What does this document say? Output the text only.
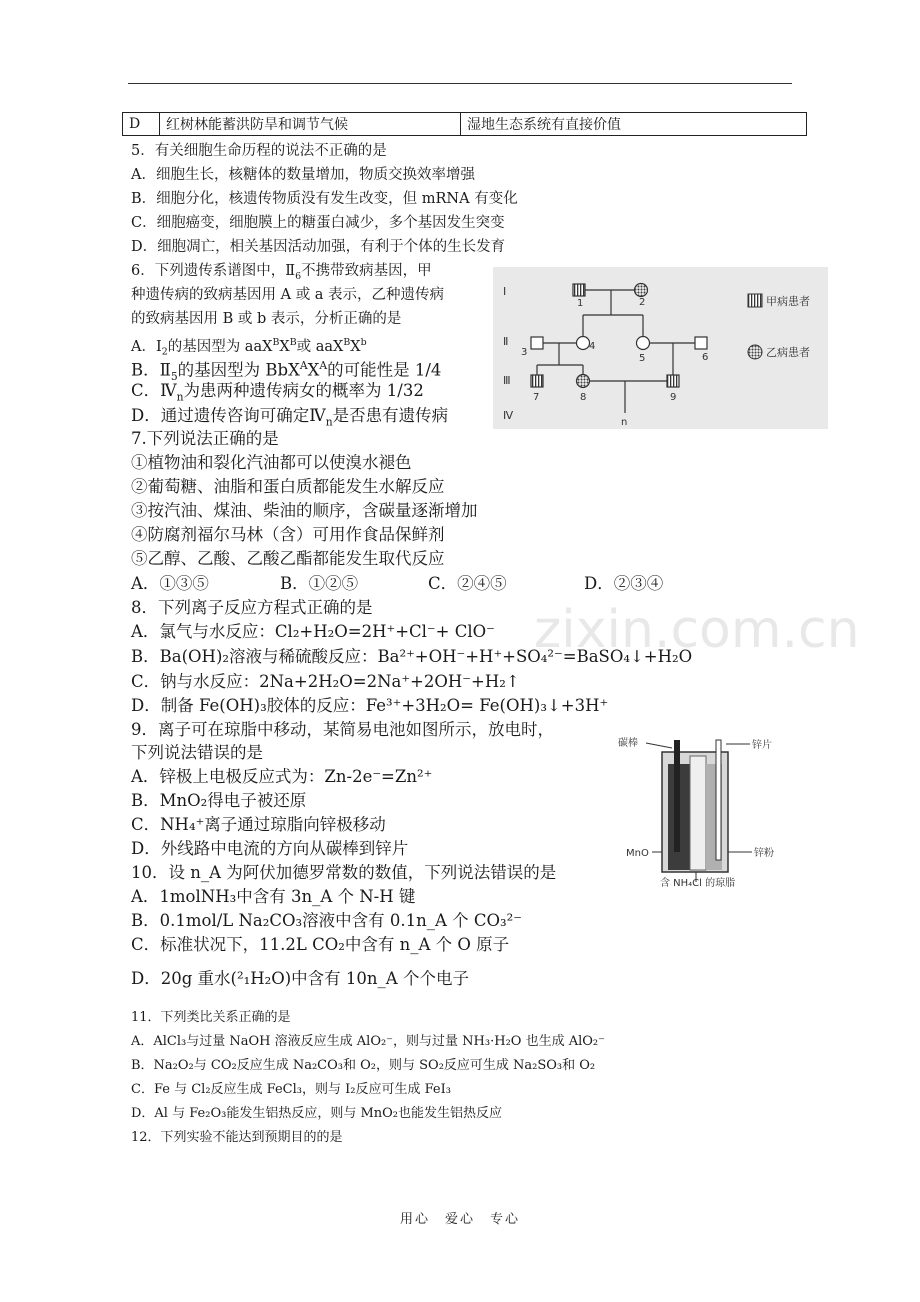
D	红树林能蓄洪防旱和调节气候	湿地生态系统有直接价值
zixin.com.cn
5．有关细胞生命历程的说法不正确的是
A．细胞生长，核糖体的数量增加，物质交换效率增强
B．细胞分化，核遗传物质没有发生改变，但 mRNA 有变化
C．细胞癌变，细胞膜上的糖蛋白减少，多个基因发生突变
D．细胞凋亡，相关基因活动加强，有利于个体的生长发育
6．下列遗传系谱图中，$Ⅱ_6$不携带致病基因，甲
种遗传病的致病基因用 A 或 a 表示，乙种遗传病
的致病基因用 B 或 b 表示，分析正确的是
A．$Ⅰ_2$的基因型为 $aaX^BX^B$或 $aaX^BX^b$
B．$Ⅱ_5$的基因型为 $BbX^AX^A$的可能性是 1/4
C．$Ⅳ_n$为患两种遗传病女的概率为 1/32
D．通过遗传咨询可确定$Ⅳ_n$是否患有遗传病
Ⅰ
Ⅱ
Ⅲ
Ⅳ
1	2
3
4
5	6
7	8	9
n
甲病患者
乙病患者
7.下列说法正确的是
①植物油和裂化汽油都可以使溴水褪色
②葡萄糖、油脂和蛋白质都能发生水解反应
③按汽油、煤油、柴油的顺序，含碳量逐渐增加
④防腐剂福尔马林（含）可用作食品保鲜剂
⑤乙醇、乙酸、乙酸乙酯都能发生取代反应
A．①③⑤	B．①②⑤	C．②④⑤	D．②③④
8．下列离子反应方程式正确的是
A．氯气与水反应：Cl₂+H₂O=2H⁺+Cl⁻+ ClO⁻
B．Ba(OH)₂溶液与稀硫酸反应：Ba²⁺+OH⁻+H⁺+SO₄²⁻=BaSO₄↓+H₂O
C．钠与水反应：2Na+2H₂O=2Na⁺+2OH⁻+H₂↑
D．制备 Fe(OH)₃胶体的反应：Fe³⁺+3H₂O= Fe(OH)₃↓+3H⁺
9．离子可在琼脂中移动，某简易电池如图所示，放电时，
下列说法错误的是
A．锌极上电极反应式为：Zn-2e⁻=Zn²⁺
B．MnO₂得电子被还原
C．NH₄⁺离子通过琼脂向锌极移动
D．外线路中电流的方向从碳棒到锌片
碳棒	锌片
MnO	锌粉
含 NH₄Cl 的琼脂
10．设 n_A 为阿伏加德罗常数的数值，下列说法错误的是
A．1molNH₃中含有 3n_A 个 N-H 键
B．0.1mol/L Na₂CO₃溶液中含有 0.1n_A 个 CO₃²⁻
C．标准状况下，11.2L CO₂中含有 n_A 个 O 原子
D．20g 重水(²₁H₂O)中含有 10n_A 个个电子
11．下列类比关系正确的是
A．AlCl₃与过量 NaOH 溶液反应生成 AlO₂⁻，则与过量 NH₃·H₂O 也生成 AlO₂⁻
B．Na₂O₂与 CO₂反应生成 Na₂CO₃和 O₂，则与 SO₂反应可生成 Na₂SO₃和 O₂
C．Fe 与 Cl₂反应生成 FeCl₃，则与 I₂反应可生成 FeI₃
D．Al 与 Fe₂O₃能发生铝热反应，则与 MnO₂也能发生铝热反应
12．下列实验不能达到预期目的的是
用心　爱心　专心
